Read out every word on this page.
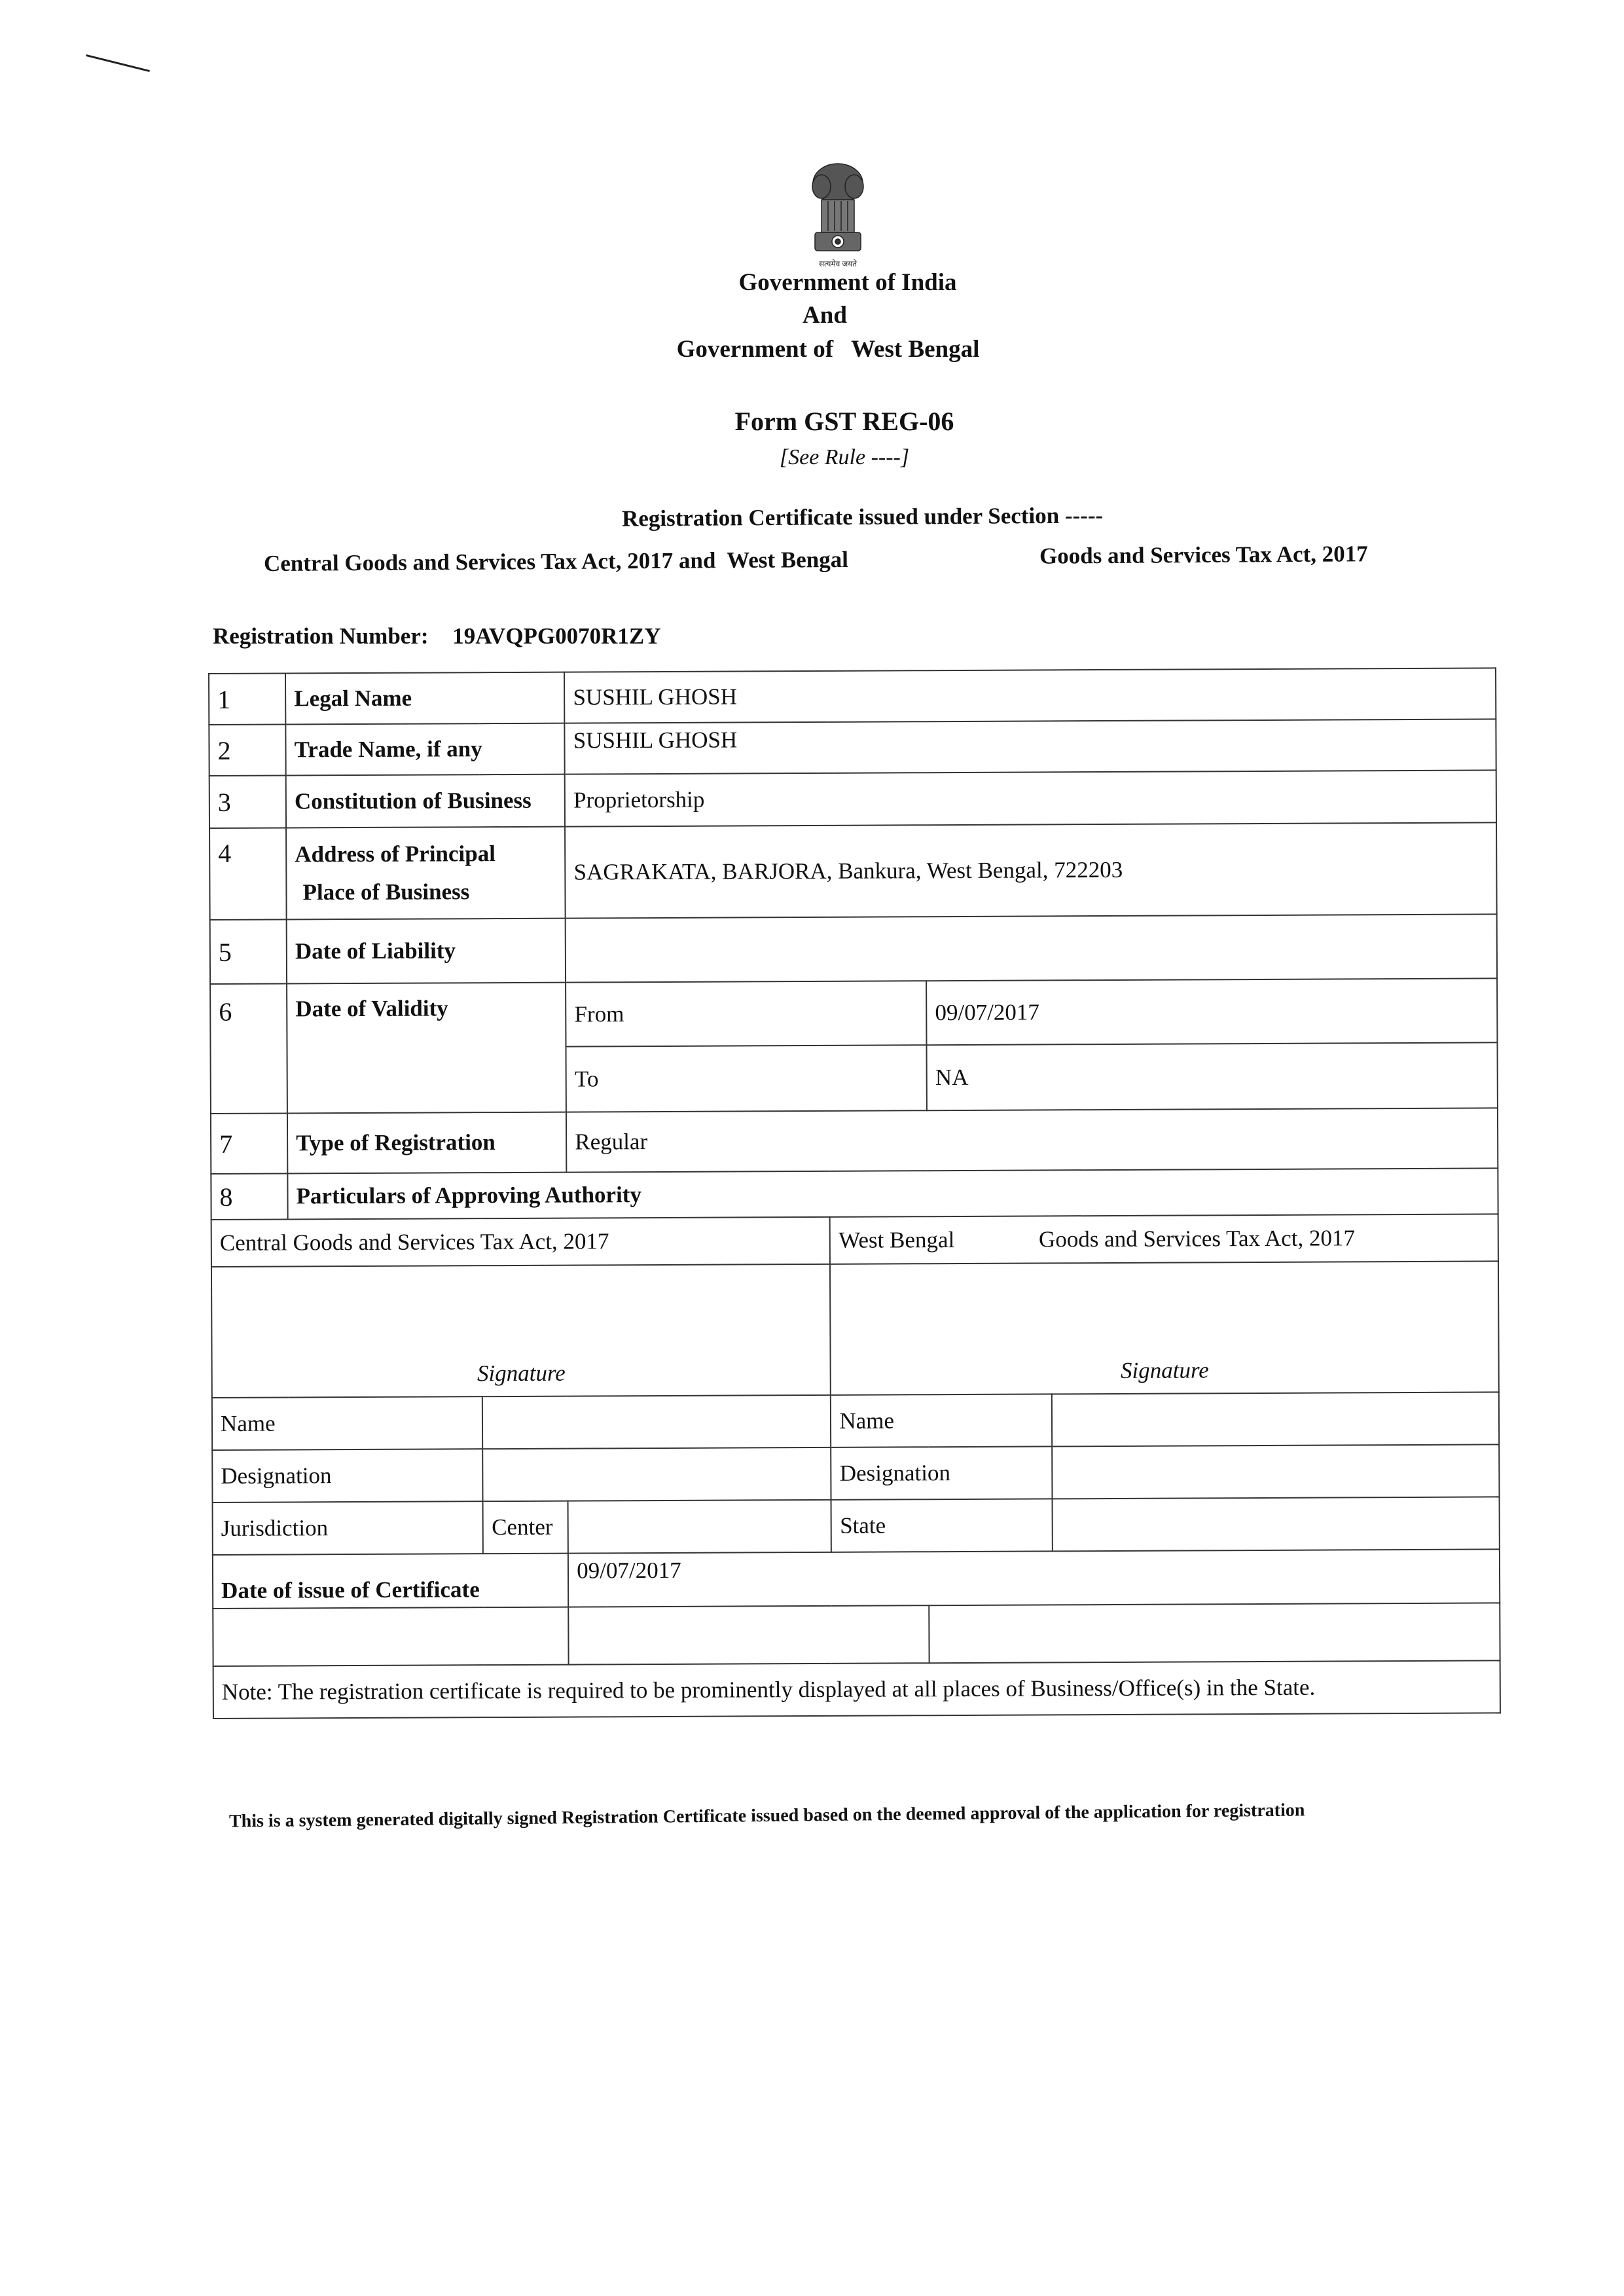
सत्यमेव जयते
Government of India
And
Government of   West Bengal
Form GST REG-06
[See Rule ----]
Registration Certificate issued under Section -----
Central Goods and Services Tax Act, 2017 and  West Bengal	Goods and Services Tax Act, 2017
Registration Number: 19AVQPG0070R1ZY
1	Legal Name		SUSHIL GHOSH			
2	Trade Name, if any		SUSHIL GHOSH			
3	Constitution of Business		Proprietorship			
4	Address of Principal
Place of Business		SAGRAKATA, BARJORA, Bankura, West Bengal, 722203			
5	Date of Liability					
6	Date of Validity		From		09/07/2017	
			To		NA	
7	Type of Registration		Regular			
8	Particulars of Approving Authority					
Central Goods and Services Tax Act, 2017				West Bengal Goods and Services Tax Act, 2017		
Signature				Signature		
Name				Name		
Designation				Designation		
Jurisdiction		Center		State		
Date of issue of Certificate			09/07/2017			

Note: The registration certificate is required to be prominently displayed at all places of Business/Office(s) in the State.						
This is a system generated digitally signed Registration Certificate issued based on the deemed approval of the application for registration
